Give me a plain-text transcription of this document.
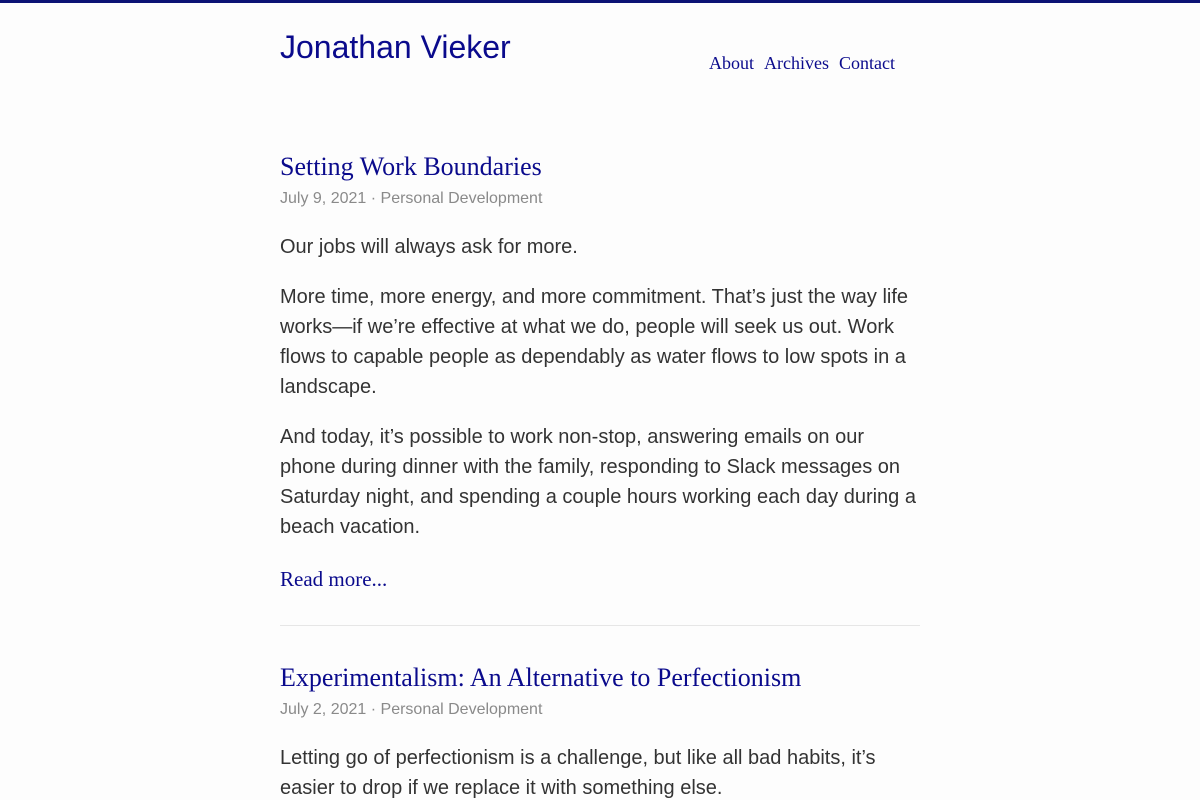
Jonathan Vieker	About Archives Contact
Setting Work Boundaries
July 9, 2021 · Personal Development

Our jobs will always ask for more.

More time, more energy, and more commitment. That’s just the way life works—if we’re effective at what we do, people will seek us out. Work flows to capable people as dependably as water flows to low spots in a landscape.

And today, it’s possible to work non-stop, answering emails on our phone during dinner with the family, responding to Slack messages on Saturday night, and spending a couple hours working each day during a beach vacation.

Read more...
Experimentalism: An Alternative to Perfectionism
July 2, 2021 · Personal Development

Letting go of perfectionism is a challenge, but like all bad habits, it’s easier to drop if we replace it with something else.
